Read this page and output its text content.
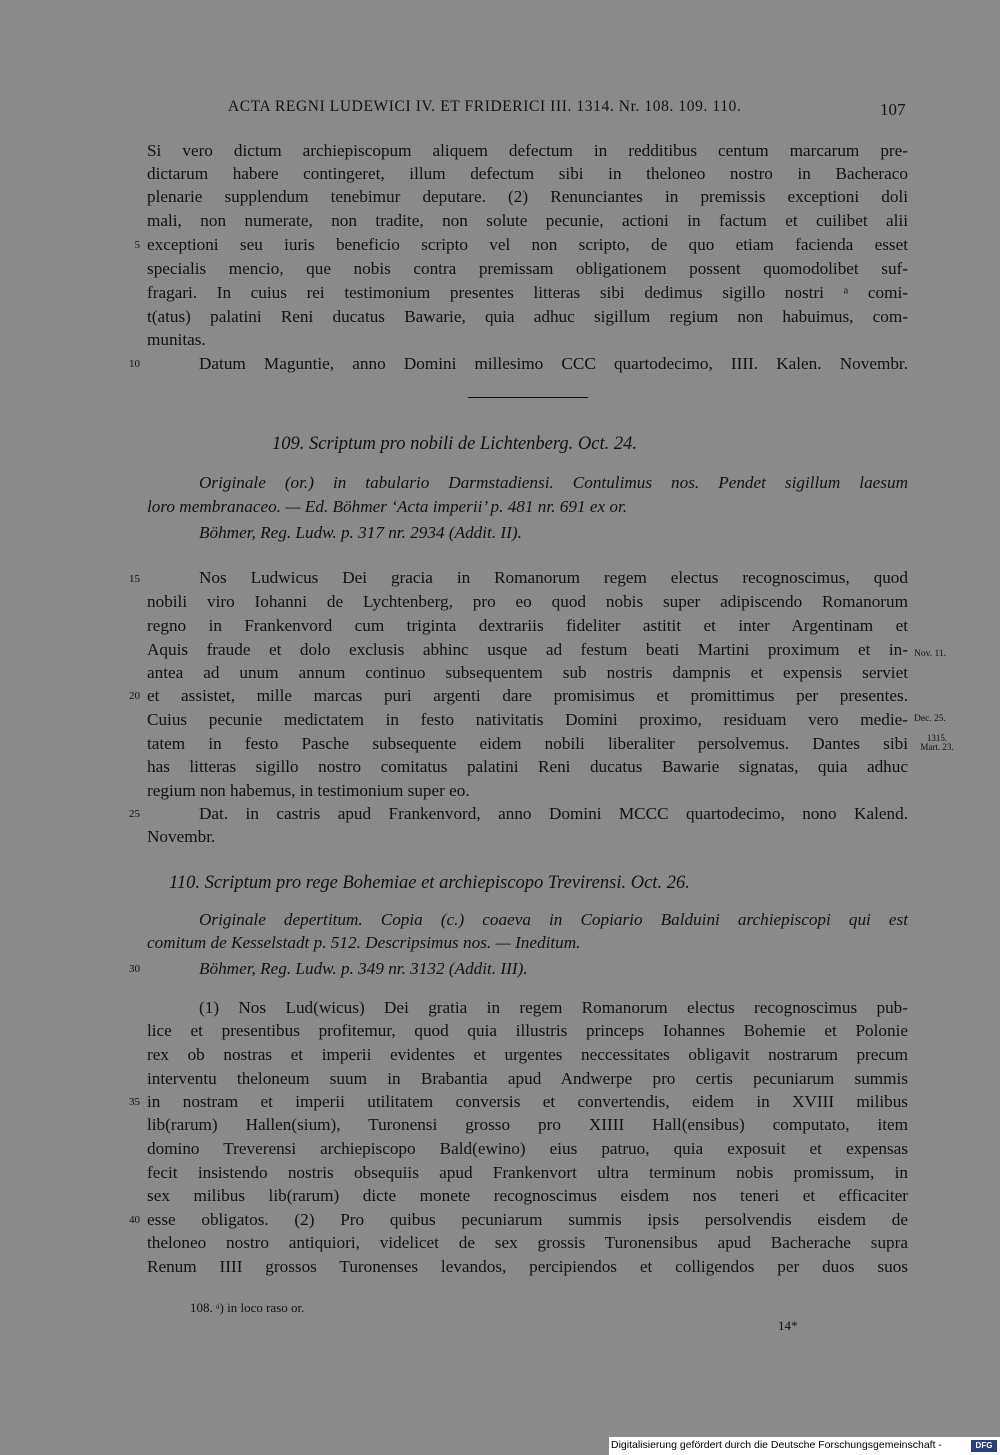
ACTA REGNI LUDEWICI IV. ET FRIDERICI III. 1314. Nr. 108. 109. 110.	107
Si vero dictum archiepiscopum aliquem defectum in redditibus centum marcarum pre-
dictarum habere contingeret, illum defectum sibi in theloneo nostro in Bacheraco
plenarie supplendum tenebimur deputare. (2) Renunciantes in premissis exceptioni doli
mali, non numerate, non tradite, non solute pecunie, actioni in factum et cuilibet alii
exceptioni seu iuris beneficio scripto vel non scripto, de quo etiam facienda esset
specialis mencio, que nobis contra premissam obligationem possent quomodolibet suf-
fragari. In cuius rei testimonium presentes litteras sibi dedimus sigillo nostri ᵃ comi-
t(atus) palatini Reni ducatus Bawarie, quia adhuc sigillum regium non habuimus, com-
munitas.
Datum Maguntie, anno Domini millesimo CCC quartodecimo, IIII. Kalen. Novembr.
109. Scriptum pro nobili de Lichtenberg. Oct. 24.
Originale (or.) in tabulario Darmstadiensi. Contulimus nos. Pendet sigillum laesum
loro membranaceo. — Ed. Böhmer ‘Acta imperii’ p. 481 nr. 691 ex or.
Böhmer, Reg. Ludw. p. 317 nr. 2934 (Addit. II).
Nos Ludwicus Dei gracia in Romanorum regem electus recognoscimus, quod
nobili viro Iohanni de Lychtenberg, pro eo quod nobis super adipiscendo Romanorum
regno in Frankenvord cum triginta dextrariis fideliter astitit et inter Argentinam et
Aquis fraude et dolo exclusis abhinc usque ad festum beati Martini proximum et in-
antea ad unum annum continuo subsequentem sub nostris dampnis et expensis serviet
et assistet, mille marcas puri argenti dare promisimus et promittimus per presentes.
Cuius pecunie medictatem in festo nativitatis Domini proximo, residuam vero medie-
tatem in festo Pasche subsequente eidem nobili liberaliter persolvemus. Dantes sibi
has litteras sigillo nostro comitatus palatini Reni ducatus Bawarie signatas, quia adhuc
regium non habemus, in testimonium super eo.
Dat. in castris apud Frankenvord, anno Domini MCCC quartodecimo, nono Kalend.
Novembr.
Nov. 11.
Dec. 25.
1315.
Mart. 23.
110. Scriptum pro rege Bohemiae et archiepiscopo Trevirensi. Oct. 26.
Originale depertitum. Copia (c.) coaeva in Copiario Balduini archiepiscopi qui est
comitum de Kesselstadt p. 512. Descripsimus nos. — Ineditum.
Böhmer, Reg. Ludw. p. 349 nr. 3132 (Addit. III).
(1) Nos Lud(wicus) Dei gratia in regem Romanorum electus recognoscimus pub-
lice et presentibus profitemur, quod quia illustris princeps Iohannes Bohemie et Polonie
rex ob nostras et imperii evidentes et urgentes neccessitates obligavit nostrarum precum
interventu theloneum suum in Brabantia apud Andwerpe pro certis pecuniarum summis
in nostram et imperii utilitatem conversis et convertendis, eidem in XVIII milibus
lib(rarum) Hallen(sium), Turonensi grosso pro XIIII Hall(ensibus) computato, item
domino Treverensi archiepiscopo Bald(ewino) eius patruo, quia exposuit et expensas
fecit insistendo nostris obsequiis apud Frankenvort ultra terminum nobis promissum, in
sex milibus lib(rarum) dicte monete recognoscimus eisdem nos teneri et efficaciter
esse obligatos. (2) Pro quibus pecuniarum summis ipsis persolvendis eisdem de
theloneo nostro antiquiori, videlicet de sex grossis Turonensibus apud Bacherache supra
Renum IIII grossos Turonenses levandos, percipiendos et colligendos per duos suos
5
10
15
20
25
30
35
40
108. ᵃ) in loco raso or.
14*
Digitalisierung gefördert durch die Deutsche Forschungsgemeinschaft -	DFG
